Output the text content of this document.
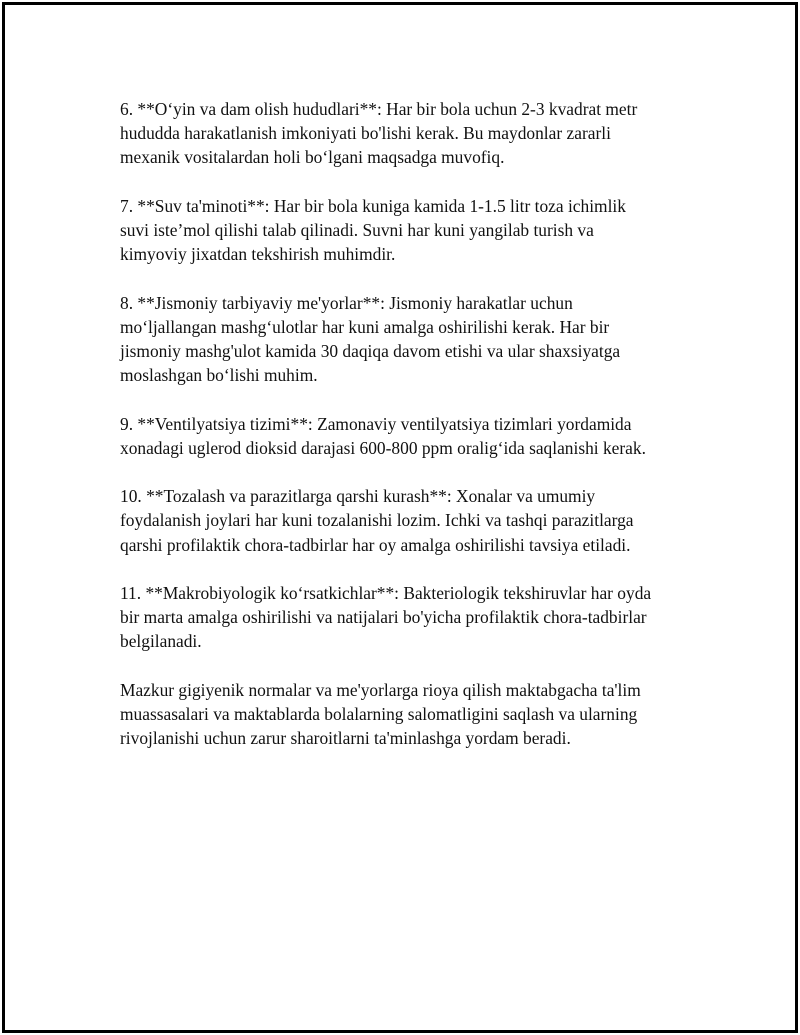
6. **O‘yin va dam olish hududlari**: Har bir bola uchun 2-3 kvadrat metr
hududda harakatlanish imkoniyati bo'lishi kerak. Bu maydonlar zararli
mexanik vositalardan holi bo‘lgani maqsadga muvofiq.

7. **Suv ta'minoti**: Har bir bola kuniga kamida 1-1.5 litr toza ichimlik
suvi iste’mol qilishi talab qilinadi. Suvni har kuni yangilab turish va
kimyoviy jixatdan tekshirish muhimdir.

8. **Jismoniy tarbiyaviy me'yorlar**: Jismoniy harakatlar uchun
mo‘ljallangan mashg‘ulotlar har kuni amalga oshirilishi kerak. Har bir
jismoniy mashg'ulot kamida 30 daqiqa davom etishi va ular shaxsiyatga
moslashgan bo‘lishi muhim.

9. **Ventilyatsiya tizimi**: Zamonaviy ventilyatsiya tizimlari yordamida
xonadagi uglerod dioksid darajasi 600-800 ppm oralig‘ida saqlanishi kerak.

10. **Tozalash va parazitlarga qarshi kurash**: Xonalar va umumiy
foydalanish joylari har kuni tozalanishi lozim. Ichki va tashqi parazitlarga
qarshi profilaktik chora-tadbirlar har oy amalga oshirilishi tavsiya etiladi.

11. **Makrobiyologik ko‘rsatkichlar**: Bakteriologik tekshiruvlar har oyda
bir marta amalga oshirilishi va natijalari bo'yicha profilaktik chora-tadbirlar
belgilanadi.

Mazkur gigiyenik normalar va me'yorlarga rioya qilish maktabgacha ta'lim
muassasalari va maktablarda bolalarning salomatligini saqlash va ularning
rivojlanishi uchun zarur sharoitlarni ta'minlashga yordam beradi.
